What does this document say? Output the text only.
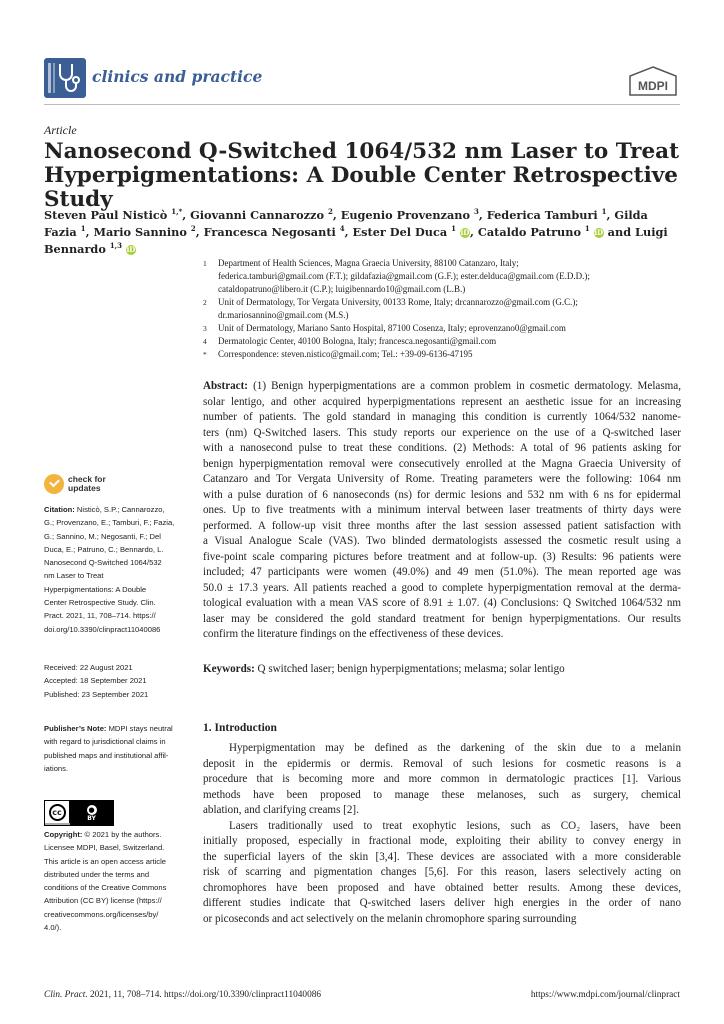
clinics and practice	MDPI
Article
Nanosecond Q-Switched 1064/532 nm Laser to Treat Hyperpigmentations: A Double Center Retrospective Study
Steven Paul Nisticò $^{1,*}$, Giovanni Cannarozzo $^2$, Eugenio Provenzano $^3$, Federica Tamburi $^1$, Gilda Fazia $^1$, Mario Sannino $^2$, Francesca Negosanti $^4$, Ester Del Duca $^1$ iD, Cataldo Patruno $^1$ iD and Luigi Bennardo $^{1,3}$ iD
1	Department of Health Sciences, Magna Graecia University, 88100 Catanzaro, Italy;
federica.tamburi@gmail.com (F.T.); gildafazia@gmail.com (G.F.); ester.delduca@gmail.com (E.D.D.);
cataldopatruno@libero.it (C.P.); luigibennardo10@gmail.com (L.B.)
2	Unit of Dermatology, Tor Vergata University, 00133 Rome, Italy; drcannarozzo@gmail.com (G.C.);
dr.mariosannino@gmail.com (M.S.)
3	Unit of Dermatology, Mariano Santo Hospital, 87100 Cosenza, Italy; eprovenzano0@gmail.com
4	Dermatologic Center, 40100 Bologna, Italy; francesca.negosanti@gmail.com
*	Correspondence: steven.nistico@gmail.com; Tel.: +39-09-6136-47195
Abstract: (1) Benign hyperpigmentations are a common problem in cosmetic dermatology. Melasma,
solar lentigo, and other acquired hyperpigmentations represent an aesthetic issue for an increasing
number of patients. The gold standard in managing this condition is currently 1064/532 nanome-
ters (nm) Q-Switched lasers. This study reports our experience on the use of a Q-switched laser
with a nanosecond pulse to treat these conditions. (2) Methods: A total of 96 patients asking for
benign hyperpigmentation removal were consecutively enrolled at the Magna Graecia University of
Catanzaro and Tor Vergata University of Rome. Treating parameters were the following: 1064 nm
with a pulse duration of 6 nanoseconds (ns) for dermic lesions and 532 nm with 6 ns for epidermal
ones. Up to five treatments with a minimum interval between laser treatments of thirty days were
performed. A follow-up visit three months after the last session assessed patient satisfaction with
a Visual Analogue Scale (VAS). Two blinded dermatologists assessed the cosmetic result using a
five-point scale comparing pictures before treatment and at follow-up. (3) Results: 96 patients were
included; 47 participants were women (49.0%) and 49 men (51.0%). The mean reported age was
50.0 ± 17.3 years. All patients reached a good to complete hyperpigmentation removal at the derma-
tological evaluation with a mean VAS score of 8.91 ± 1.07. (4) Conclusions: Q Switched 1064/532 nm
laser may be considered the gold standard treatment for benign hyperpigmentations. Our results
confirm the literature findings on the effectiveness of these devices.
Keywords: Q switched laser; benign hyperpigmentations; melasma; solar lentigo
1. Introduction

Hyperpigmentation may be defined as the darkening of the skin due to a melanin
deposit in the epidermis or dermis. Removal of such lesions for cosmetic reasons is a
procedure that is becoming more and more common in dermatologic practices [1]. Various
methods have been proposed to manage these melanoses, such as surgery, chemical
ablation, and clarifying creams [2].

Lasers traditionally used to treat exophytic lesions, such as CO₂ lasers, have been
initially proposed, especially in fractional mode, exploiting their ability to convey energy in
the superficial layers of the skin [3,4]. These devices are associated with a more considerable
risk of scarring and pigmentation changes [5,6]. For this reason, lasers selectively acting on
chromophores have been proposed and have obtained better results. Among these devices,
different studies indicate that Q-switched lasers deliver high energies in the order of nano
or picoseconds and act selectively on the melanin chromophore sparing surrounding

check for
updates
Citation: Nisticò, S.P.; Cannarozzo,
G.; Provenzano, E.; Tamburi, F.; Fazia,
G.; Sannino, M.; Negosanti, F.; Del
Duca, E.; Patruno, C.; Bennardo, L.
Nanosecond Q-Switched 1064/532
nm Laser to Treat
Hyperpigmentations: A Double
Center Retrospective Study. Clin.
Pract. 2021, 11, 708–714. https://
doi.org/10.3390/clinpract11040086
Received: 22 August 2021
Accepted: 18 September 2021
Published: 23 September 2021
Publisher’s Note: MDPI stays neutral
with regard to jurisdictional claims in
published maps and institutional affil-
iations.
cc	●
BY
Copyright: © 2021 by the authors.
Licensee MDPI, Basel, Switzerland.
This article is an open access article
distributed under the terms and
conditions of the Creative Commons
Attribution (CC BY) license (https://
creativecommons.org/licenses/by/
4.0/).
Clin. Pract. 2021, 11, 708–714. https://doi.org/10.3390/clinpract11040086	https://www.mdpi.com/journal/clinpract
